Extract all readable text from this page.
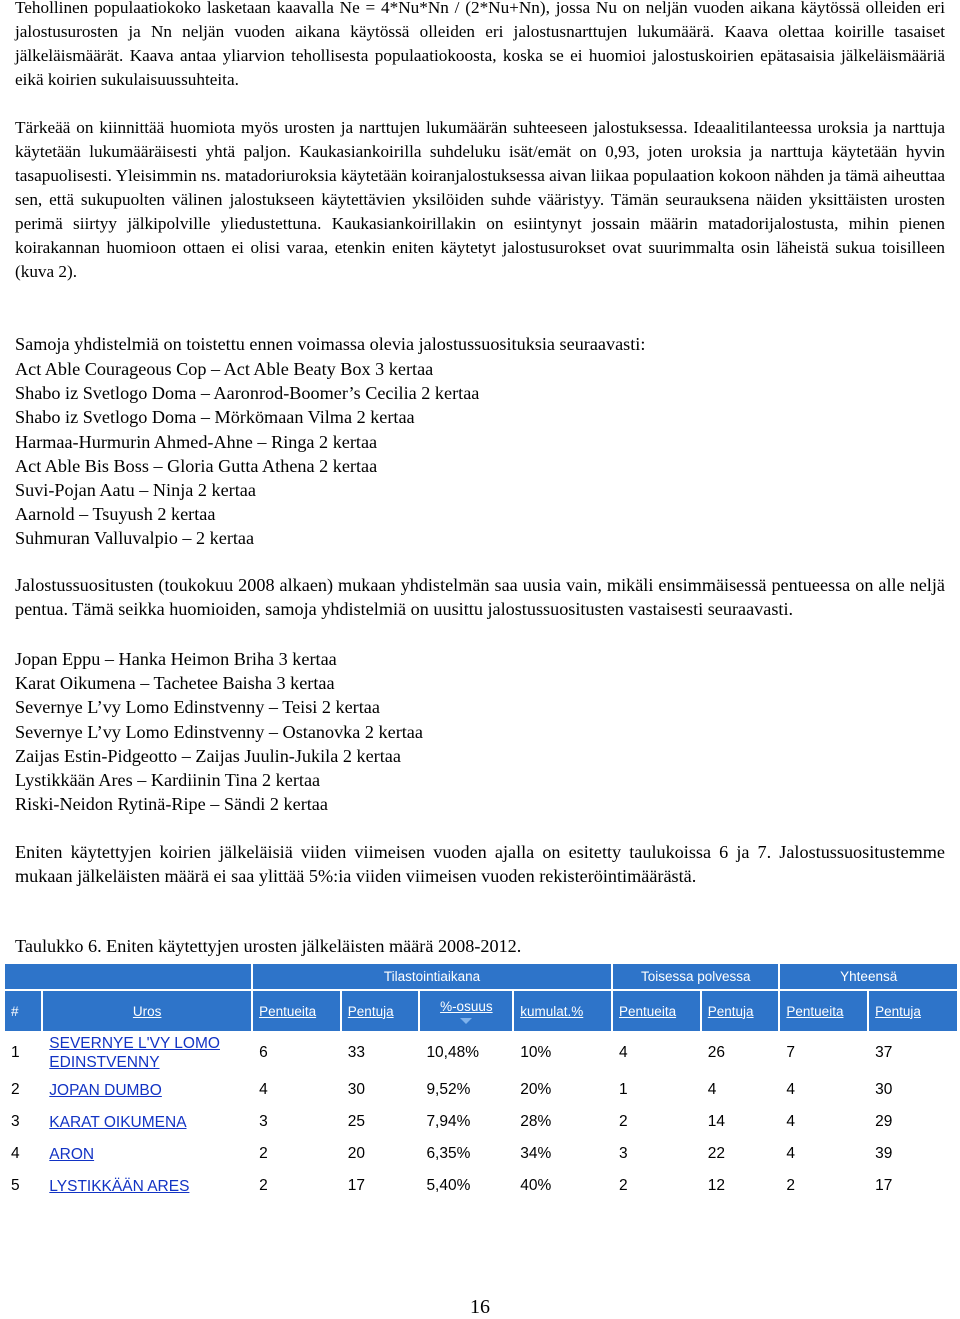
Tehollinen populaatiokoko lasketaan kaavalla Ne = 4*Nu*Nn / (2*Nu+Nn), jossa Nu on neljän vuoden aikana käytössä olleiden eri jalostusurosten ja Nn neljän vuoden aikana käytössä olleiden eri jalostusnarttujen lukumäärä. Kaava olettaa koirille tasaiset jälkeläismäärät. Kaava antaa yliarvion tehollisesta populaatiokoosta, koska se ei huomioi jalostuskoirien epätasaisia jälkeläismääriä eikä koirien sukulaisuussuhteita.

Tärkeää on kiinnittää huomiota myös urosten ja narttujen lukumäärän suhteeseen jalostuksessa. Ideaalitilanteessa uroksia ja narttuja käytetään lukumääräisesti yhtä paljon. Kaukasiankoirilla suhdeluku isät/emät on 0,93, joten uroksia ja narttuja käytetään hyvin tasapuolisesti. Yleisimmin ns. matadoriuroksia käytetään koiranjalostuksessa aivan liikaa populaation kokoon nähden ja tämä aiheuttaa sen, että sukupuolten välinen jalostukseen käytettävien yksilöiden suhde vääristyy. Tämän seurauksena näiden yksittäisten urosten perimä siirtyy jälkipolville yliedustettuna. Kaukasiankoirillakin on esiintynyt jossain määrin matadorijalostusta, mihin pienen koirakannan huomioon ottaen ei olisi varaa, etenkin eniten käytetyt jalostusurokset ovat suurimmalta osin läheistä sukua toisilleen (kuva 2).

Samoja yhdistelmiä on toistettu ennen voimassa olevia jalostussuosituksia seuraavasti:

Act Able Courageous Cop – Act Able Beaty Box 3 kertaa
Shabo iz Svetlogo Doma – Aaronrod-Boomer’s Cecilia 2 kertaa
Shabo iz Svetlogo Doma – Mörkömaan Vilma 2 kertaa
Harmaa-Hurmurin Ahmed-Ahne – Ringa 2 kertaa
Act Able Bis Boss – Gloria Gutta Athena 2 kertaa
Suvi-Pojan Aatu – Ninja 2 kertaa
Aarnold – Tsuyush 2 kertaa
Suhmuran Valluvalpio – 2 kertaa

Jalostussuositusten (toukokuu 2008 alkaen) mukaan yhdistelmän saa uusia vain, mikäli ensimmäisessä pentueessa on alle neljä pentua. Tämä seikka huomioiden, samoja yhdistelmiä on uusittu jalostussuositusten vastaisesti seuraavasti.

Jopan Eppu – Hanka Heimon Briha 3 kertaa
Karat Oikumena – Tachetee Baisha 3 kertaa
Severnye L’vy Lomo Edinstvenny – Teisi 2 kertaa
Severnye L’vy Lomo Edinstvenny – Ostanovka 2 kertaa
Zaijas Estin-Pidgeotto – Zaijas Juulin-Jukila 2 kertaa
Lystikkään Ares – Kardiinin Tina 2 kertaa
Riski-Neidon Rytinä-Ripe – Sändi 2 kertaa

Eniten käytettyjen koirien jälkeläisiä viiden viimeisen vuoden ajalla on esitetty taulukoissa 6 ja 7. Jalostussuositustemme mukaan jälkeläisten määrä ei saa ylittää 5%:ia viiden viimeisen vuoden rekisteröintimäärästä.

Taulukko 6. Eniten käytettyjen urosten jälkeläisten määrä 2008-2012.
		Tilastointiaikana				Toisessa polvessa		Yhteensä	
#	Uros	Pentueita	Pentuja	%-osuus	kumulat.%	Pentueita	Pentuja	Pentueita	Pentuja
1	SEVERNYE L'VY LOMO EDINSTVENNY	6	33	10,48%	10%	4	26	7	37
2	JOPAN DUMBO	4	30	9,52%	20%	1	4	4	30
3	KARAT OIKUMENA	3	25	7,94%	28%	2	14	4	29
4	ARON	2	20	6,35%	34%	3	22	4	39
5	LYSTIKKÄÄN ARES	2	17	5,40%	40%	2	12	2	17
16
